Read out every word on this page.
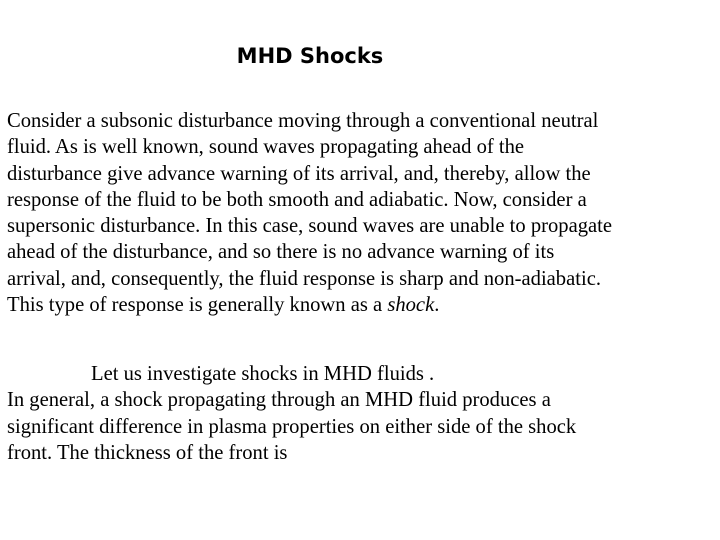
MHD Shocks

Consider a subsonic disturbance moving through a conventional neutral
fluid. As is well known, sound waves propagating ahead of the
disturbance give advance warning of its arrival, and, thereby, allow the
response of the fluid to be both smooth and adiabatic. Now, consider a
supersonic disturbance. In this case, sound waves are unable to propagate
ahead of the disturbance, and so there is no advance warning of its
arrival, and, consequently, the fluid response is sharp and non-adiabatic.
This type of response is generally known as a shock.

Let us investigate shocks in MHD fluids .
In general, a shock propagating through an MHD fluid produces a
significant difference in plasma properties on either side of the shock
front. The thickness of the front is
